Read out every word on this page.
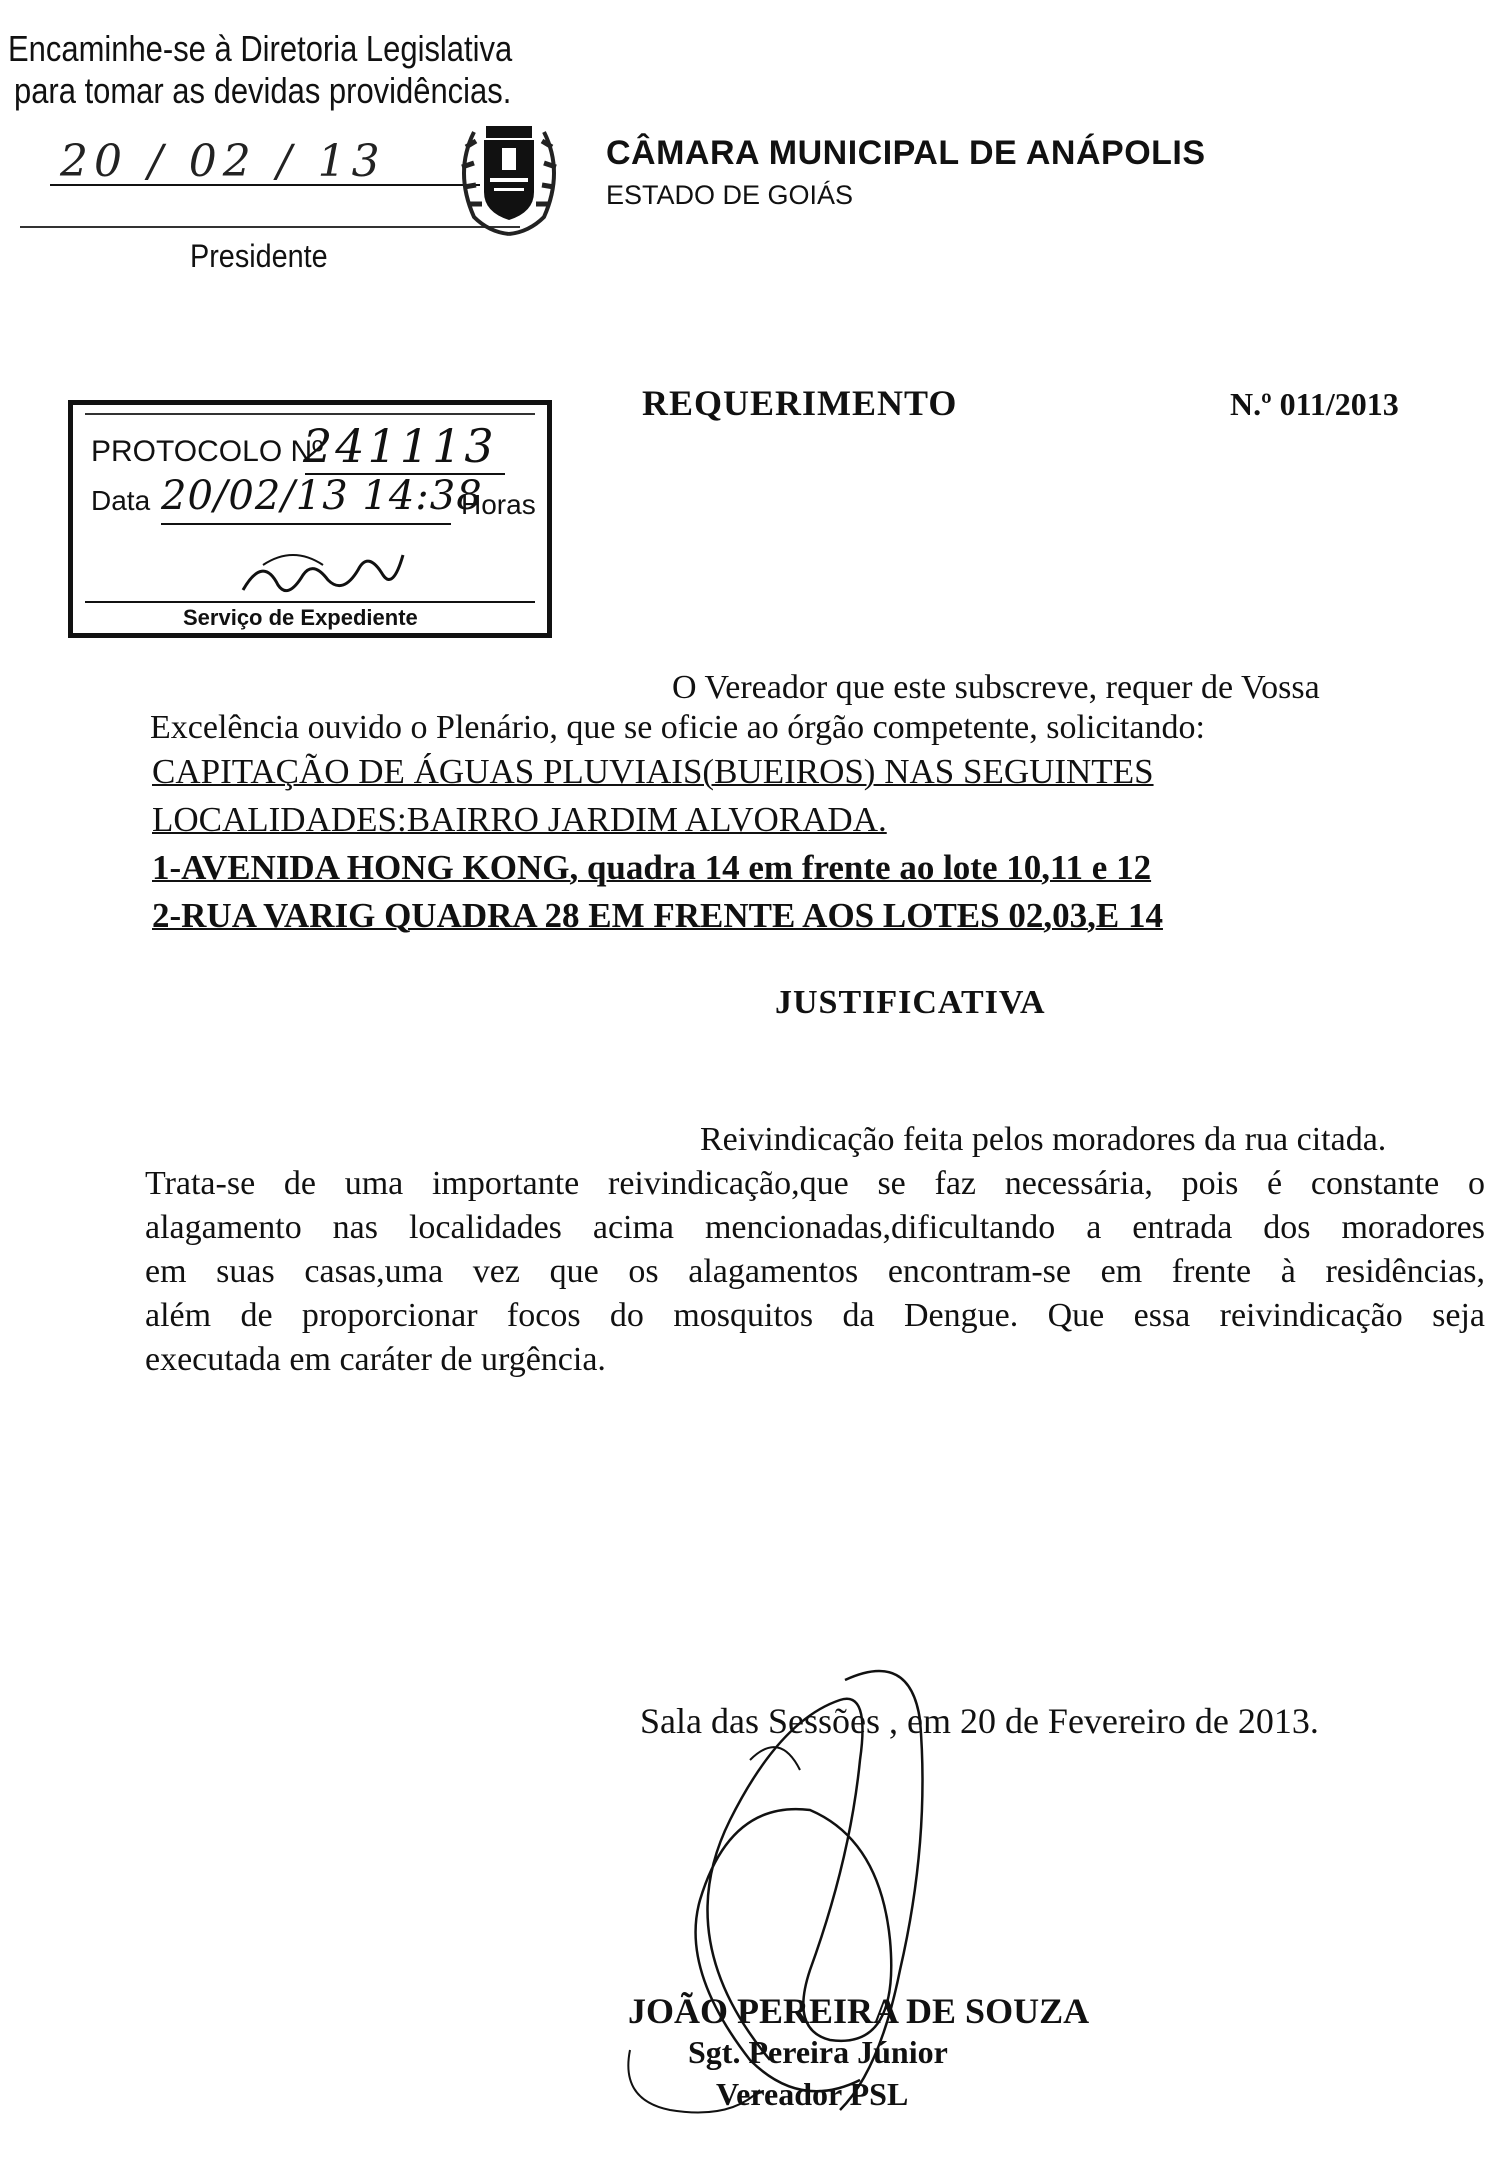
Encaminhe-se à Diretoria Legislativa
para tomar as devidas providências.
20 / 02 / 13
Presidente
CÂMARA MUNICIPAL DE ANÁPOLIS
ESTADO DE GOIÁS
PROTOCOLO Nº
241113
Data 20/02/13 14:38
Horas
Serviço de Expediente
REQUERIMENTO	N.º 011/2013
O Vereador que este subscreve, requer de Vossa
Excelência ouvido o Plenário, que se oficie ao órgão competente, solicitando:
CAPITAÇÃO DE ÁGUAS PLUVIAIS(BUEIROS) NAS SEGUINTES
LOCALIDADES:BAIRRO JARDIM ALVORADA.
1-AVENIDA HONG KONG, quadra 14 em frente ao lote 10,11 e 12
2-RUA VARIG QUADRA 28 EM FRENTE AOS LOTES 02,03,E 14
JUSTIFICATIVA
Reivindicação feita pelos moradores da rua citada.
Trata-se de uma importante reivindicação,que se faz necessária, pois é constante o
alagamento nas localidades acima mencionadas,dificultando a entrada dos moradores
em suas casas,uma vez que os alagamentos encontram-se em frente à residências,
além de proporcionar focos do mosquitos da Dengue. Que essa reivindicação seja
executada em caráter de urgência.
Sala das Sessões , em 20 de Fevereiro de 2013.
JOÃO PEREIRA DE SOUZA
Sgt. Pereira Júnior
Vereador PSL
